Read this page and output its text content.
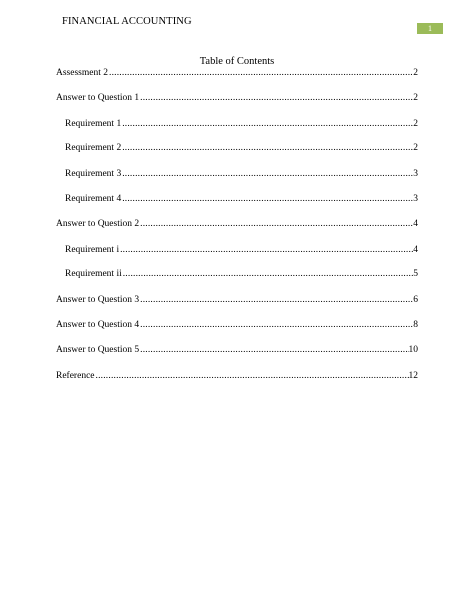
FINANCIAL ACCOUNTING
1
Table of Contents
Assessment 2 .....	2
Answer to Question 1 .....	2
Requirement 1 .....	2
Requirement 2 .....	2
Requirement 3 .....	3
Requirement 4 .....	3
Answer to Question 2 .....	4
Requirement i .....	4
Requirement ii .....	5
Answer to Question 3 .....	6
Answer to Question 4 .....	8
Answer to Question 5 .....	10
Reference .....	12
